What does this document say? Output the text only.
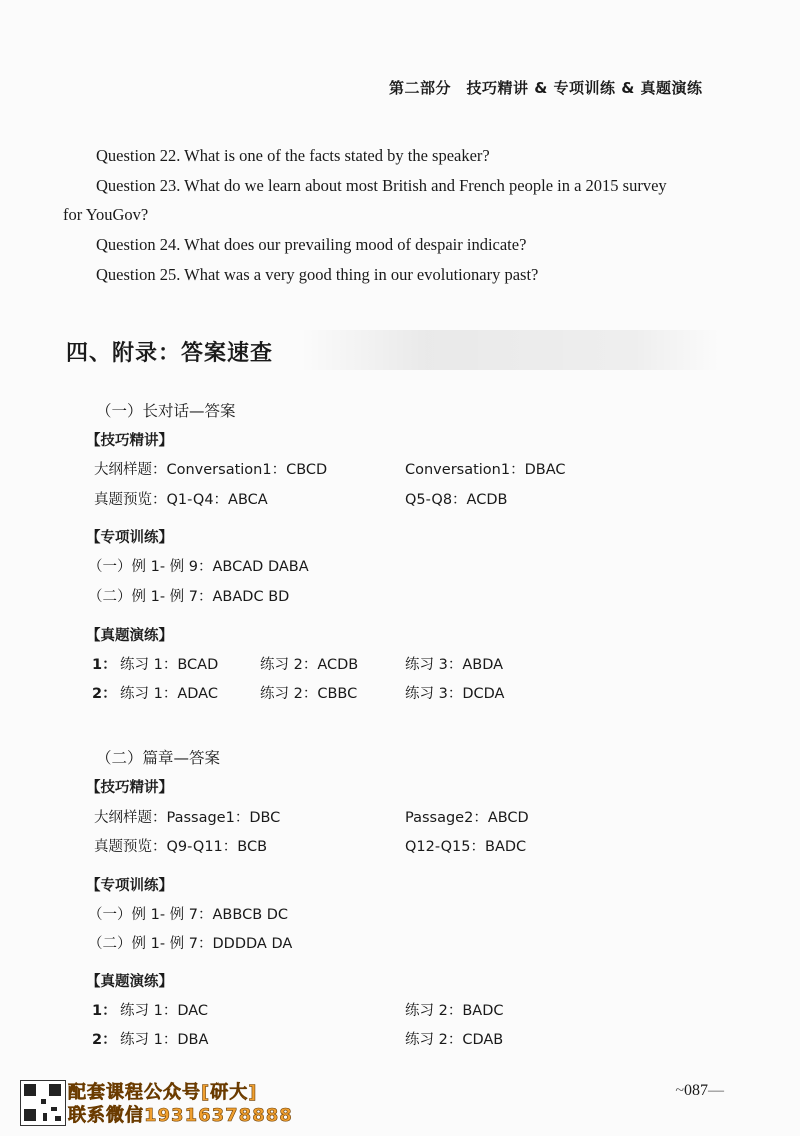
第二部分　技巧精讲 & 专项训练 & 真题演练
Question 22. What is one of the facts stated by the speaker?
Question 23. What do we learn about most British and French people in a 2015 survey
for YouGov?
Question 24. What does our prevailing mood of despair indicate?
Question 25. What was a very good thing in our evolutionary past?
四、附录：答案速查
（一）长对话—答案
【技巧精讲】
大纲样题：Conversation1：CBCD	Conversation1：DBAC
真题预览：Q1-Q4：ABCA	Q5-Q8：ACDB
【专项训练】
（一）例 1- 例 9：ABCAD DABA
（二）例 1- 例 7：ABADC BD
【真题演练】
1： 练习 1：BCAD	练习 2：ACDB	练习 3：ABDA
2： 练习 1：ADAC	练习 2：CBBC	练习 3：DCDA
（二）篇章—答案
【技巧精讲】
大纲样题：Passage1：DBC	Passage2：ABCD
真题预览：Q9-Q11：BCB	Q12-Q15：BADC
【专项训练】
（一）例 1- 例 7：ABBCB DC
（二）例 1- 例 7：DDDDA DA
【真题演练】
1： 练习 1：DAC	练习 2：BADC
2： 练习 1：DBA	练习 2：CDAB
配套课程公众号[研大]
联系微信19316378888
~087—
